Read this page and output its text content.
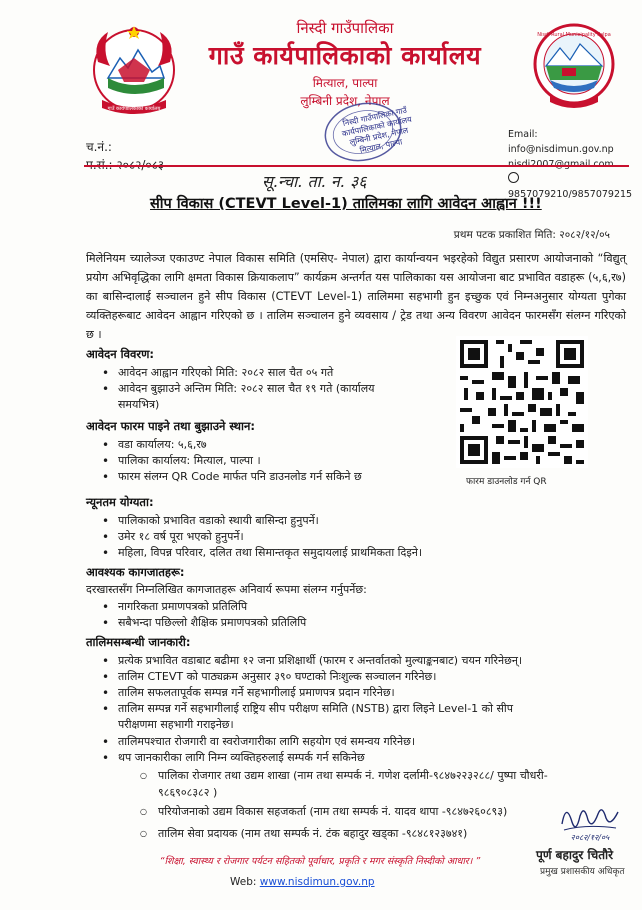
गाउँ कार्यपालिकाको कार्यालय
निस्दी गाउँपालिका
गाउँ कार्यपालिकाको कार्यालय
मित्याल, पाल्पा
लुम्बिनी प्रदेश, नेपाल
निस्दी गाउँपालिका गाउँ कार्यपालिकाको कार्यालय लुम्बिनी प्रदेश, नेपाल मित्याल, पाल्पा
Nisdi Rural Municipality Palpa
Email: info@nisdimun.gov.np
9857079210/9857079215
च.नं.:
सू.न्चा. ता. न. ३६
सीप विकास (CTEVT Level-1) तालिमका लागि आवेदन आह्वान !!!
प्रथम पटक प्रकाशित मिति: २०८२/१२/०५
मिलेनियम च्यालेञ्ज एकाउण्ट नेपाल विकास समिति (एमसिए- नेपाल) द्वारा कार्यान्वयन भइरहेको विद्युत प्रसारण आयोजनाको “विद्युत् प्रयोग अभिवृद्धिका लागि क्षमता विकास क्रियाकलाप” कार्यक्रम अन्तर्गत यस पालिकाका यस आयोजना बाट प्रभावित वडाहरू (५,६,र७) का बासिन्दालाई सञ्चालन हुने सीप विकास (CTEVT Level-1) तालिममा सहभागी हुन इच्छुक एवं निम्नअनुसार योग्यता पुगेका व्यक्तिहरूबाट आवेदन आह्वान गरिएको छ । तालिम सञ्चालन हुने व्यवसाय / ट्रेड तथा अन्य विवरण आवेदन फारमसँग संलग्न गरिएको छ ।
आवेदन विवरण:
• आवेदन आह्वान गरिएको मिति: २०८२ साल चैत ०५ गते
• आवेदन बुझाउने अन्तिम मिति: २०८२ साल चैत १९ गते (कार्यालय
समयभित्र)
आवेदन फारम पाइने तथा बुझाउने स्थान:
• वडा कार्यालय: ५,६,र७
• पालिका कार्यालय: मित्याल, पाल्पा ।
• फारम संलग्न QR Code मार्फत पनि डाउनलोड गर्न सकिने छ	फारम डाउनलोड गर्न QR
न्यूनतम योग्यता:
• पालिकाको प्रभावित वडाको स्थायी बासिन्दा हुनुपर्ने।
• उमेर १८ वर्ष पूरा भएको हुनुपर्ने।
• महिला, विपन्न परिवार, दलित तथा सिमान्तकृत समुदायलाई प्राथमिकता दिइने।
आवश्यक कागजातहरू:
दरखास्तसँग निम्नलिखित कागजातहरू अनिवार्य रूपमा संलग्न गर्नुपर्नेछ:
• नागरिकता प्रमाणपत्रको प्रतिलिपि
• सबैभन्दा पछिल्लो शैक्षिक प्रमाणपत्रको प्रतिलिपि
तालिमसम्बन्धी जानकारी:
• प्रत्येक प्रभावित वडाबाट बढीमा १२ जना प्रशिक्षार्थी (फारम र अन्तर्वातको मुल्याङ्कनबाट) चयन गरिनेछन्।
• तालिम CTEVT को पाठ्यक्रम अनुसार ३९० घण्टाको निःशुल्क सञ्चालन गरिनेछ।
• तालिम सफलतापूर्वक सम्पन्न गर्ने सहभागीलाई प्रमाणपत्र प्रदान गरिनेछ।
• तालिम सम्पन्न गर्ने सहभागीलाई राष्ट्रिय सीप परीक्षण समिति (NSTB) द्वारा लिइने Level-1 को सीप
परीक्षणमा सहभागी गराइनेछ।
• तालिमपश्चात रोजगारी वा स्वरोजगारीका लागि सहयोग एवं समन्वय गरिनेछ।
• थप जानकारीका लागि निम्न व्यक्तिहरुलाई सम्पर्क गर्न सकिनेछ
○ पालिका रोजगार तथा उद्यम शाखा (नाम तथा सम्पर्क नं. गणेश दर्लामी-९८४७२२३२८८/ पुष्पा चौधरी-
९८६९०८३८२ )
○ परियोजनाको उद्यम विकास सहजकर्ता (नाम तथा सम्पर्क नं. यादव थापा -९८४७२६०८९३)
○ तालिम सेवा प्रदायक (नाम तथा सम्पर्क नं. टंक बहादुर खड्का -९८४८१२३७४१)	२०८२/१२/०५
“शिक्षा, स्वास्थ्य र रोजगार पर्यटन सहितको पूर्वाधार, प्रकृति र मगर संस्कृति निस्दीको आधार। ”
Web: www.nisdimun.gov.np
पूर्ण बहादुर चितौरे
प्रमुख प्रशासकीय अधिकृत
